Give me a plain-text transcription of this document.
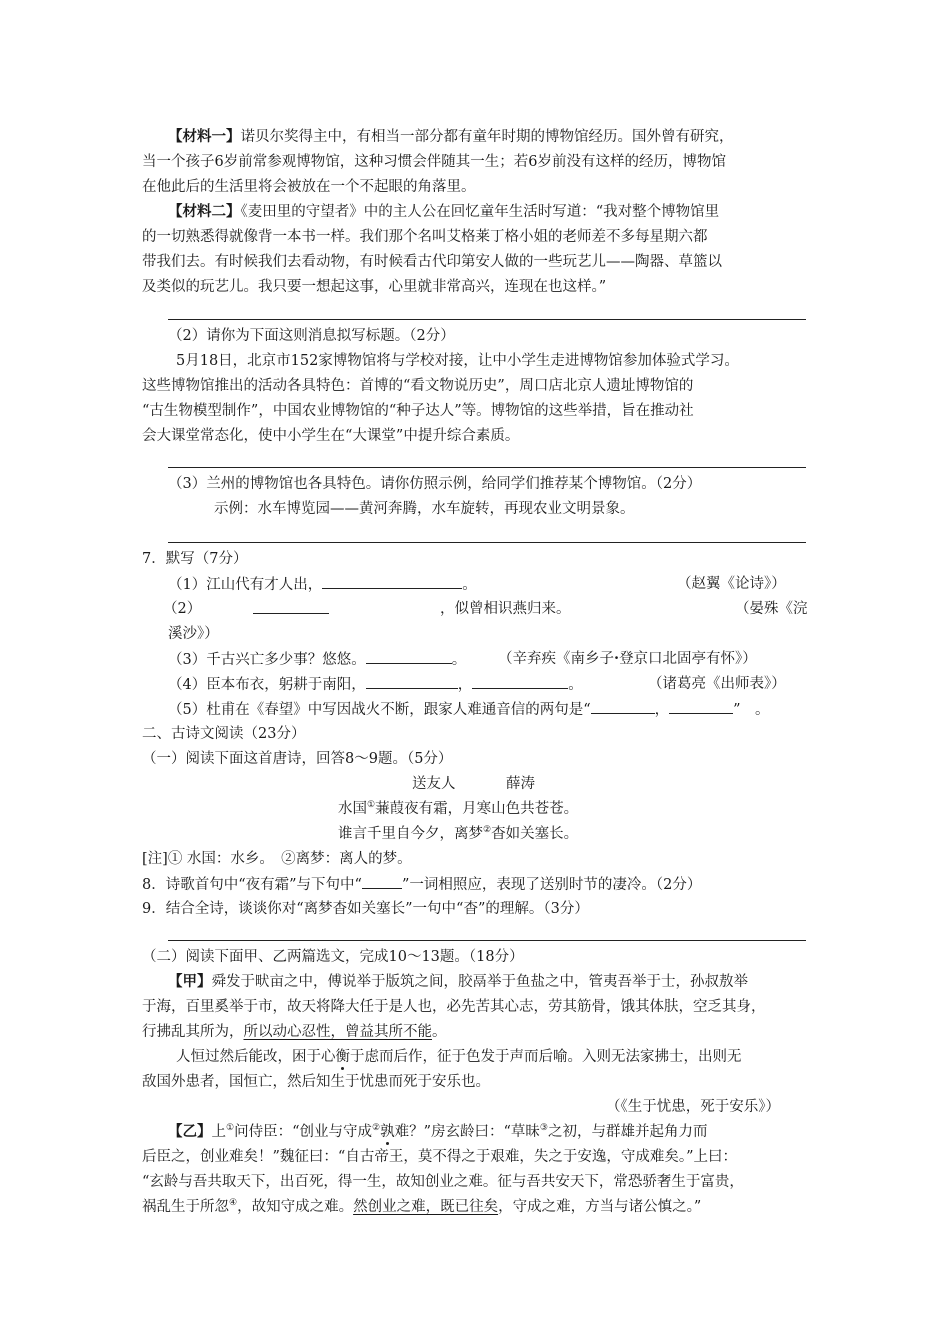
【材料一】诺贝尔奖得主中，有相当一部分都有童年时期的博物馆经历。国外曾有研究，
当一个孩子6岁前常参观博物馆，这种习惯会伴随其一生；若6岁前没有这样的经历，博物馆
在他此后的生活里将会被放在一个不起眼的角落里。
【材料二】《麦田里的守望者》中的主人公在回忆童年生活时写道：“我对整个博物馆里
的一切熟悉得就像背一本书一样。我们那个名叫艾格莱丁格小姐的老师差不多每星期六都
带我们去。有时候我们去看动物，有时候看古代印第安人做的一些玩艺儿——陶器、草篮以
及类似的玩艺儿。我只要一想起这事，心里就非常高兴，连现在也这样。”
（2）请你为下面这则消息拟写标题。（2分）
5月18日，北京市152家博物馆将与学校对接，让中小学生走进博物馆参加体验式学习。
这些博物馆推出的活动各具特色：首博的“看文物说历史”，周口店北京人遗址博物馆的
“古生物模型制作”，中国农业博物馆的“种子达人”等。博物馆的这些举措，旨在推动社
会大课堂常态化，使中小学生在“大课堂”中提升综合素质。
（3）兰州的博物馆也各具特色。请你仿照示例，给同学们推荐某个博物馆。（2分）
示例：水车博览园——黄河奔腾，水车旋转，再现农业文明景象。
7．默写（7分）
（1）江山代有才人出，	。	（赵翼《论诗》）
（2）	，似曾相识燕归来。	（晏殊《浣
溪沙》）
（3）千古兴亡多少事？悠悠。	。 （辛弃疾《南乡子·登京口北固亭有怀》）
（4）臣本布衣，躬耕于南阳，	，	。	（诸葛亮《出师表》）
（5）杜甫在《春望》中写因战火不断，跟家人难通音信的两句是“	，	”　。
二、古诗文阅读（23分）
（一）阅读下面这首唐诗，回答8～9题。（5分）
送友人	薛涛
水国①蒹葭夜有霜，月寒山色共苍苍。
谁言千里自今夕，离梦②杳如关塞长。
[注]① 水国：水乡。　②离梦：离人的梦。
8．诗歌首句中“夜有霜”与下句中“	”一词相照应，表现了送别时节的凄冷。（2分）
9．结合全诗，谈谈你对“离梦杳如关塞长”一句中“杳”的理解。（3分）
（二）阅读下面甲、乙两篇选文，完成10～13题。（18分）
【甲】舜发于畎亩之中，傅说举于版筑之间，胶鬲举于鱼盐之中，管夷吾举于士，孙叔敖举
于海，百里奚举于市，故天将降大任于是人也，必先苦其心志，劳其筋骨，饿其体肤，空乏其身，
行拂乱其所为，所以动心忍性，曾益其所不能。
人恒过然后能改，困于心衡于虑而后作，征于色发于声而后喻。入则无法家拂士，出则无
敌国外患者，国恒亡，然后知生于忧患而死于安乐也。
（《生于忧患，死于安乐》）
【乙】上①问侍臣：“创业与守成②孰难？”房玄龄曰：“草昧③之初，与群雄并起角力而
后臣之，创业难矣！”魏征曰：“自古帝王，莫不得之于艰难，失之于安逸，守成难矣。”上曰：
“玄龄与吾共取天下，出百死，得一生，故知创业之难。征与吾共安天下，常恐骄奢生于富贵，
祸乱生于所忽④，故知守成之难。然创业之难，既已往矣，守成之难，方当与诸公慎之。”
